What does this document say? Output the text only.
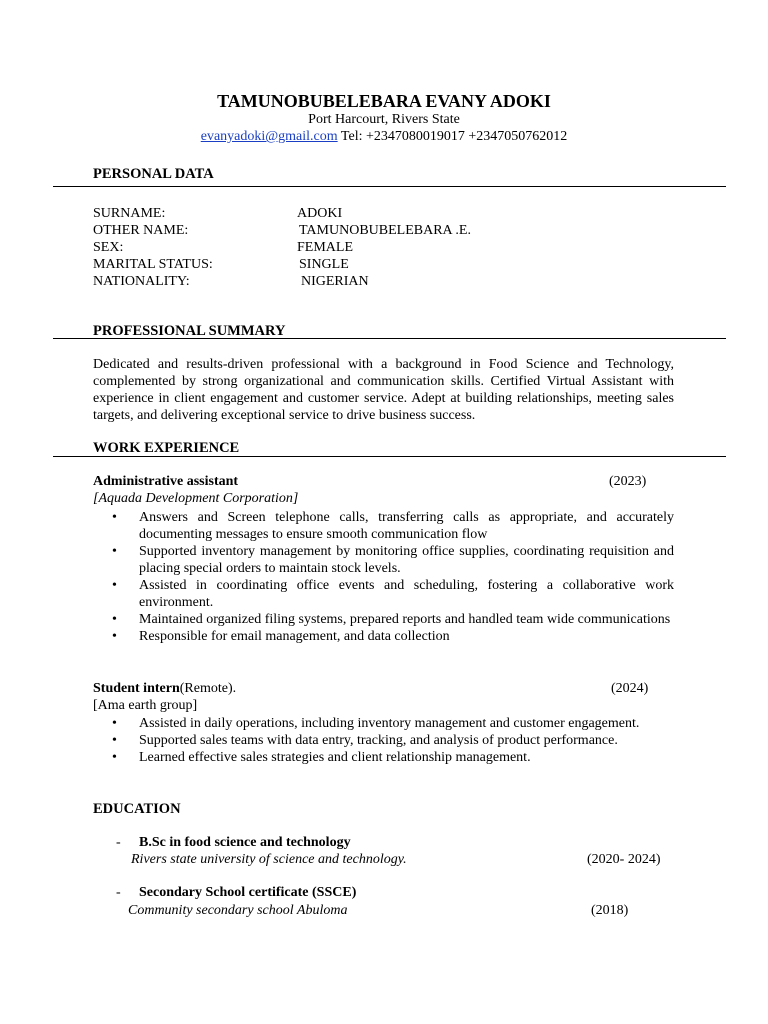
TAMUNOBUBELEBARA EVANY ADOKI
Port Harcourt, Rivers State
evanyadoki@gmail.com Tel: +2347080019017 +2347050762012
PERSONAL DATA
SURNAME:	ADOKI
OTHER NAME:	TAMUNOBUBELEBARA .E.
SEX:	FEMALE
MARITAL STATUS:	SINGLE
NATIONALITY:	NIGERIAN
PROFESSIONAL SUMMARY
Dedicated and results-driven professional with a background in Food Science and Technology, complemented by strong organizational and communication skills. Certified Virtual Assistant with experience in client engagement and customer service. Adept at building relationships, meeting sales targets, and delivering exceptional service to drive business success.
WORK EXPERIENCE
Administrative assistant	(2023)
[Aquada Development Corporation]
• Answers and Screen telephone calls, transferring calls as appropriate, and accurately documenting messages to ensure smooth communication flow
• Supported inventory management by monitoring office supplies, coordinating requisition and placing special orders to maintain stock levels.
• Assisted in coordinating office events and scheduling, fostering a collaborative work environment.
• Maintained organized filing systems, prepared reports and handled team wide communications
• Responsible for email management, and data collection
Student intern(Remote).	(2024)
[Ama earth group]
• Assisted in daily operations, including inventory management and customer engagement.
• Supported sales teams with data entry, tracking, and analysis of product performance.
• Learned effective sales strategies and client relationship management.
EDUCATION
- B.Sc in food science and technology
Rivers state university of science and technology.	(2020- 2024)
- Secondary School certificate (SSCE)
Community secondary school Abuloma	(2018)
